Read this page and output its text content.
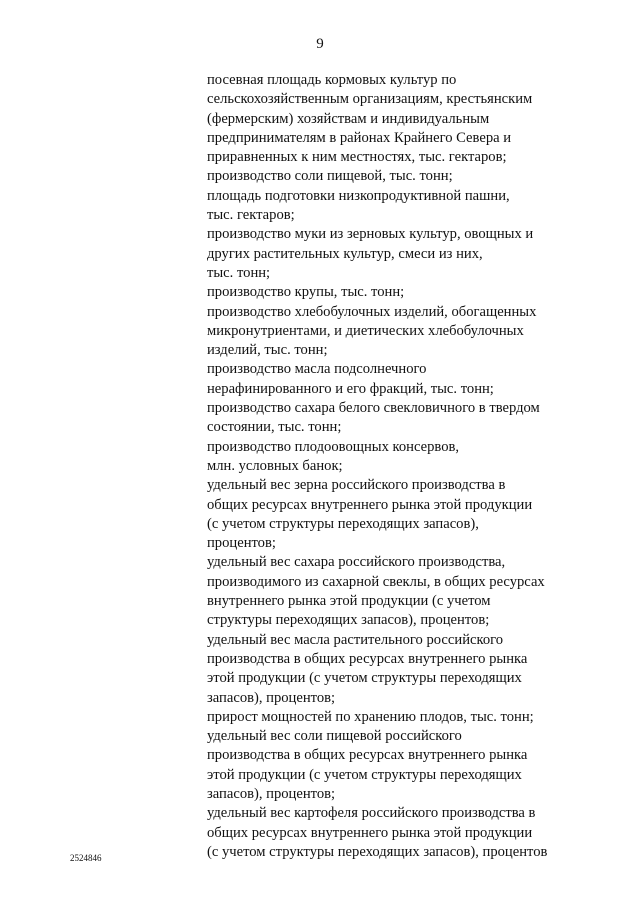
9
посевная площадь кормовых культур по
сельскохозяйственным организациям, крестьянским
(фермерским) хозяйствам и индивидуальным
предпринимателям в районах Крайнего Севера и
приравненных к ним местностях, тыс. гектаров;
производство соли пищевой, тыс. тонн;
площадь подготовки низкопродуктивной пашни,
тыс. гектаров;
производство муки из зерновых культур, овощных и
других растительных культур, смеси из них,
тыс. тонн;
производство крупы, тыс. тонн;
производство хлебобулочных изделий, обогащенных
микронутриентами, и диетических хлебобулочных
изделий, тыс. тонн;
производство масла подсолнечного
нерафинированного и его фракций, тыс. тонн;
производство сахара белого свекловичного в твердом
состоянии, тыс. тонн;
производство плодоовощных консервов,
млн. условных банок;
удельный вес зерна российского производства в
общих ресурсах внутреннего рынка этой продукции
(с учетом структуры переходящих запасов),
процентов;
удельный вес сахара российского производства,
производимого из сахарной свеклы, в общих ресурсах
внутреннего рынка этой продукции (с учетом
структуры переходящих запасов), процентов;
удельный вес масла растительного российского
производства в общих ресурсах внутреннего рынка
этой продукции (с учетом структуры переходящих
запасов), процентов;
прирост мощностей по хранению плодов, тыс. тонн;
удельный вес соли пищевой российского
производства в общих ресурсах внутреннего рынка
этой продукции (с учетом структуры переходящих
запасов), процентов;
удельный вес картофеля российского производства в
общих ресурсах внутреннего рынка этой продукции
(с учетом структуры переходящих запасов), процентов
2524846
